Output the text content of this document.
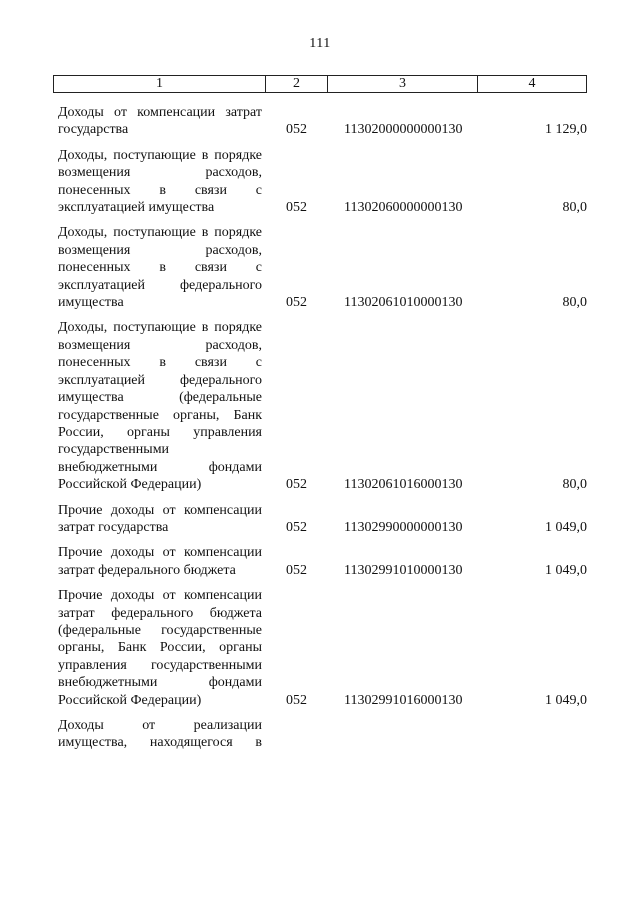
111
1	2	3	4
Доходы от компенсации затрат государства	052	11302000000000130	1 129,0
Доходы, поступающие в порядке возмещения расходов, понесенных в связи с эксплуатацией имущества	052	11302060000000130	80,0
Доходы, поступающие в порядке возмещения расходов, понесенных в связи с эксплуатацией федерального имущества	052	11302061010000130	80,0
Доходы, поступающие в порядке возмещения расходов, понесенных в связи с эксплуатацией федерального имущества (федеральные государственные органы, Банк России, органы управления государственными внебюджетными фондами Российской Федерации)	052	11302061016000130	80,0
Прочие доходы от компенсации затрат государства	052	11302990000000130	1 049,0
Прочие доходы от компенсации затрат федерального бюджета	052	11302991010000130	1 049,0
Прочие доходы от компенсации затрат федерального бюджета (федеральные государственные органы, Банк России, органы управления государственными внебюджетными фондами Российской Федерации)	052	11302991016000130	1 049,0
Доходы от реализации имущества, находящегося в
